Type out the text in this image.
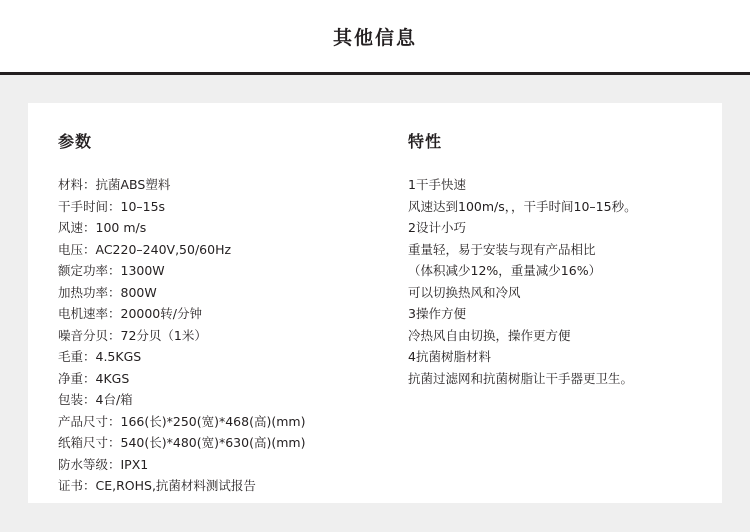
其他信息
参数
材料：抗菌ABS塑料
干手时间：10–15s
风速：100 m/s
电压：AC220–240V,50/60Hz
额定功率：1300W
加热功率：800W
电机速率：20000转/分钟
噪音分贝：72分贝（1米）
毛重：4.5KGS
净重：4KGS
包装：4台/箱
产品尺寸：166(长)*250(宽)*468(高)(mm)
纸箱尺寸：540(长)*480(宽)*630(高)(mm)
防水等级：IPX1
证书：CE,ROHS,抗菌材料测试报告
特性
1干手快速
风速达到100m/s，，干手时间10–15秒。
2设计小巧
重量轻，易于安装与现有产品相比
（体积减少12%，重量减少16%）
可以切换热风和冷风
3操作方便
冷热风自由切换，操作更方便
4抗菌树脂材料
抗菌过滤网和抗菌树脂让干手器更卫生。
